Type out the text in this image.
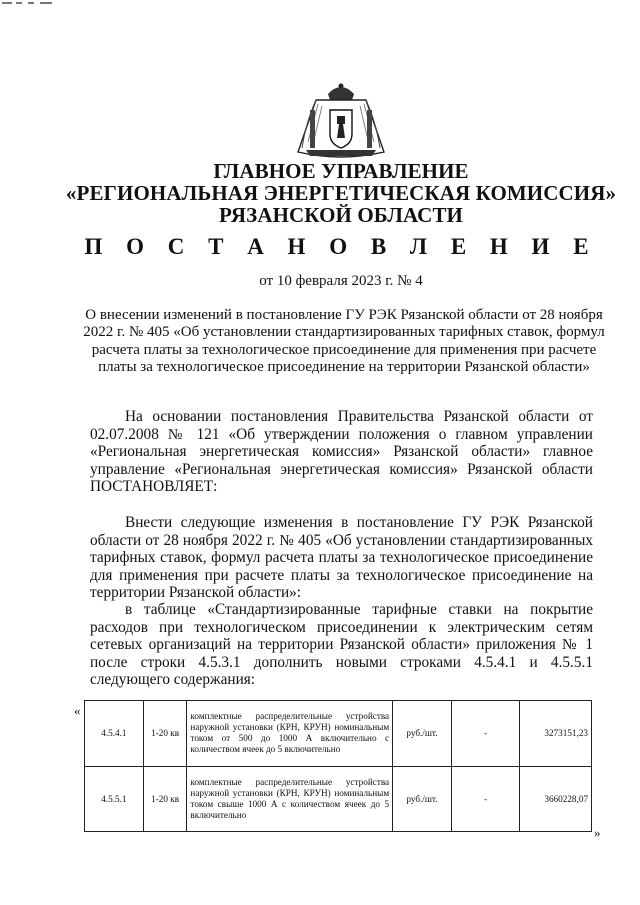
ГЛАВНОЕ УПРАВЛЕНИЕ
«РЕГИОНАЛЬНАЯ ЭНЕРГЕТИЧЕСКАЯ КОМИССИЯ»
РЯЗАНСКОЙ ОБЛАСТИ
П О С Т А Н О В Л Е Н И Е
от 10 февраля 2023 г. № 4
О внесении изменений в постановление ГУ РЭК Рязанской области от 28 ноября 2022 г. № 405 «Об установлении стандартизированных тарифных ставок, формул расчета платы за технологическое присоединение для применения при расчете платы за технологическое присоединение на территории Рязанской области»

На основании постановления Правительства Рязанской области от 02.07.2008 № 121 «Об утверждении положения о главном управлении «Региональная энергетическая комиссия» Рязанской области» главное управление «Региональная энергетическая комиссия» Рязанской области ПОСТАНОВЛЯЕТ:

Внести следующие изменения в постановление ГУ РЭК Рязанской области от 28 ноября 2022 г. № 405 «Об установлении стандартизированных тарифных ставок, формул расчета платы за технологическое присоединение для применения при расчете платы за технологическое присоединение на территории Рязанской области»:

в таблице «Стандартизированные тарифные ставки на покрытие расходов при технологическом присоединении к электрическим сетям сетевых организаций на территории Рязанской области» приложения № 1 после строки 4.5.3.1 дополнить новыми строками 4.5.4.1 и 4.5.5.1 следующего содержания:

«
»
4.5.4.1	1-20 кв	комплектные распределительные устройства наружной установки (КРН, КРУН) номинальным током от 500 до 1000 А включительно с количеством ячеек до 5 включительно	руб./шт.	-	3273151,23
4.5.5.1	1-20 кв	комплектные распределительные устройства наружной установки (КРН, КРУН) номинальным током свыше 1000 А с количеством ячеек до 5 включительно	руб./шт.	-	3660228,07
